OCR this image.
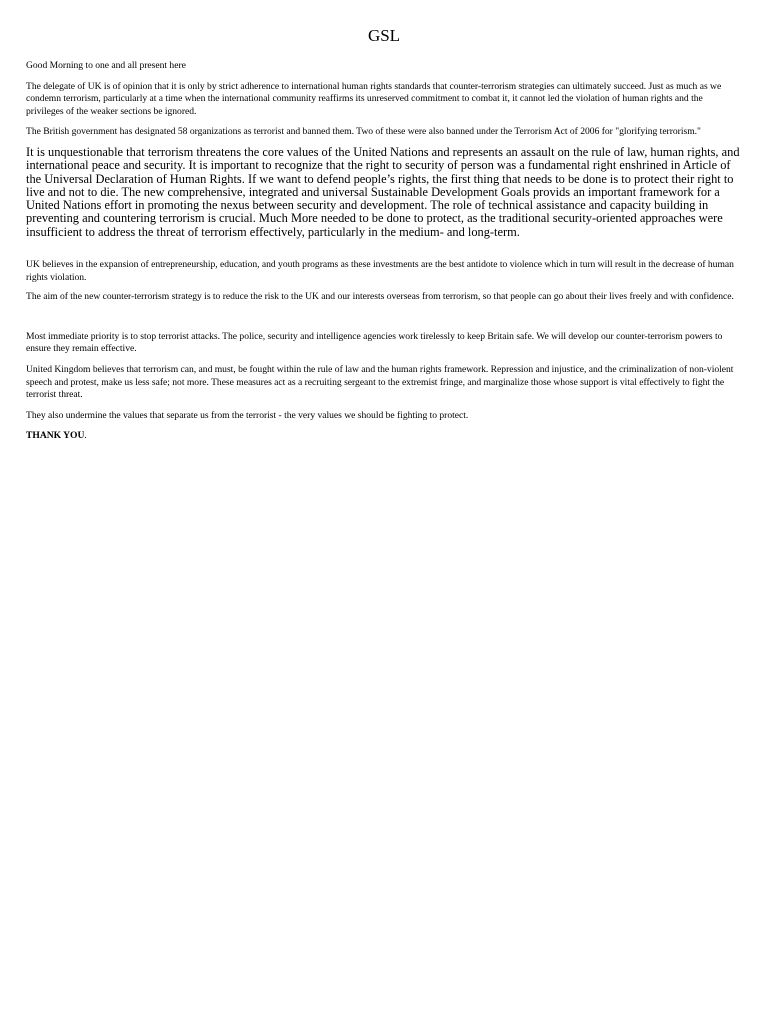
GSL

Good Morning to one and all present here

The delegate of UK is of opinion that it is only by strict adherence to international human rights standards that counter-terrorism strategies can ultimately succeed. Just as much as we condemn terrorism, particularly at a time when the international community reaffirms its unreserved commitment to combat it, it cannot led the violation of human rights and the privileges of the weaker sections be ignored.

The British government has designated 58 organizations as terrorist and banned them. Two of these were also banned under the Terrorism Act of 2006 for "glorifying terrorism."

It is unquestionable that terrorism threatens the core values of the United Nations and represents an assault on the rule of law, human rights, and international peace and security. It is important to recognize that the right to security of person was a fundamental right enshrined in Article of the Universal Declaration of Human Rights. If we want to defend people’s rights, the first thing that needs to be done is to protect their right to live and not to die. The new comprehensive, integrated and universal Sustainable Development Goals provids an important framework for a United Nations effort in promoting the nexus between security and development. The role of technical assistance and capacity building in preventing and countering terrorism is crucial. Much More needed to be done to protect, as the traditional security-oriented approaches were insufficient to address the threat of terrorism effectively, particularly in the medium- and long-term.

UK believes in the expansion of entrepreneurship, education, and youth programs as these investments are the best antidote to violence which in turn will result in the decrease of human rights violation.

The aim of the new counter-terrorism strategy is to reduce the risk to the UK and our interests overseas from terrorism, so that people can go about their lives freely and with confidence.

Most immediate priority is to stop terrorist attacks. The police, security and intelligence agencies work tirelessly to keep Britain safe. We will develop our counter-terrorism powers to ensure they remain effective.

United Kingdom believes that terrorism can, and must, be fought within the rule of law and the human rights framework. Repression and injustice, and the criminalization of non-violent speech and protest, make us less safe; not more. These measures act as a recruiting sergeant to the extremist fringe, and marginalize those whose support is vital effectively to fight the terrorist threat.

They also undermine the values that separate us from the terrorist - the very values we should be fighting to protect.

THANK YOU.
